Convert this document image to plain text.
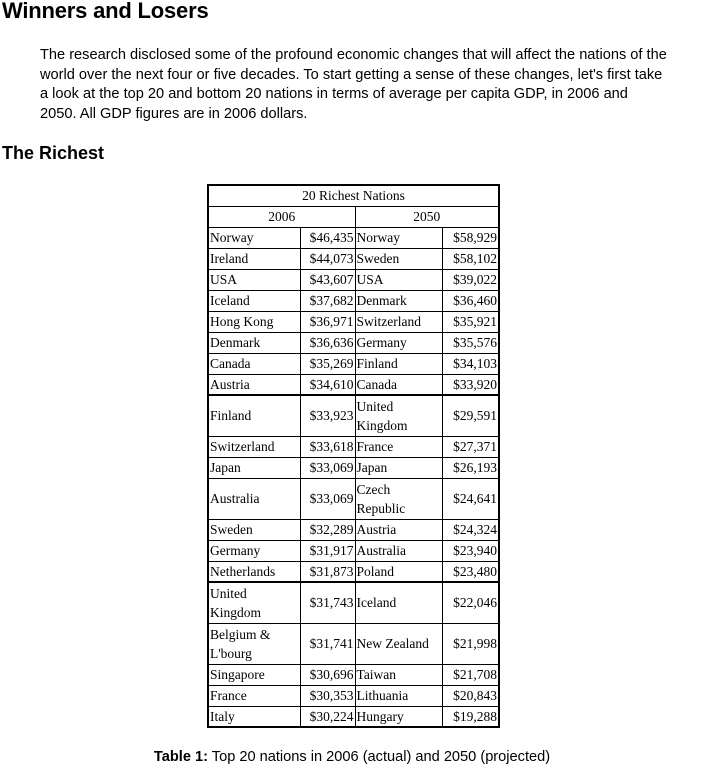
Winners and Losers

The research disclosed some of the profound economic changes that will affect the nations of the
world over the next four or five decades. To start getting a sense of these changes, let's first take
a look at the top 20 and bottom 20 nations in terms of average per capita GDP, in 2006 and
2050. All GDP figures are in 2006 dollars.

The Richest
20 Richest Nations			
2006		2050	
Norway	$46,435	Norway	$58,929
Ireland	$44,073	Sweden	$58,102
USA	$43,607	USA	$39,022
Iceland	$37,682	Denmark	$36,460
Hong Kong	$36,971	Switzerland	$35,921
Denmark	$36,636	Germany	$35,576
Canada	$35,269	Finland	$34,103
Austria	$34,610	Canada	$33,920
Finland	$33,923	United Kingdom	$29,591
Switzerland	$33,618	France	$27,371
Japan	$33,069	Japan	$26,193
Australia	$33,069	Czech Republic	$24,641
Sweden	$32,289	Austria	$24,324
Germany	$31,917	Australia	$23,940
Netherlands	$31,873	Poland	$23,480
United Kingdom	$31,743	Iceland	$22,046
Belgium & L'bourg	$31,741	New Zealand	$21,998
Singapore	$30,696	Taiwan	$21,708
France	$30,353	Lithuania	$20,843
Italy	$30,224	Hungary	$19,288

Table 1: Top 20 nations in 2006 (actual) and 2050 (projected)
